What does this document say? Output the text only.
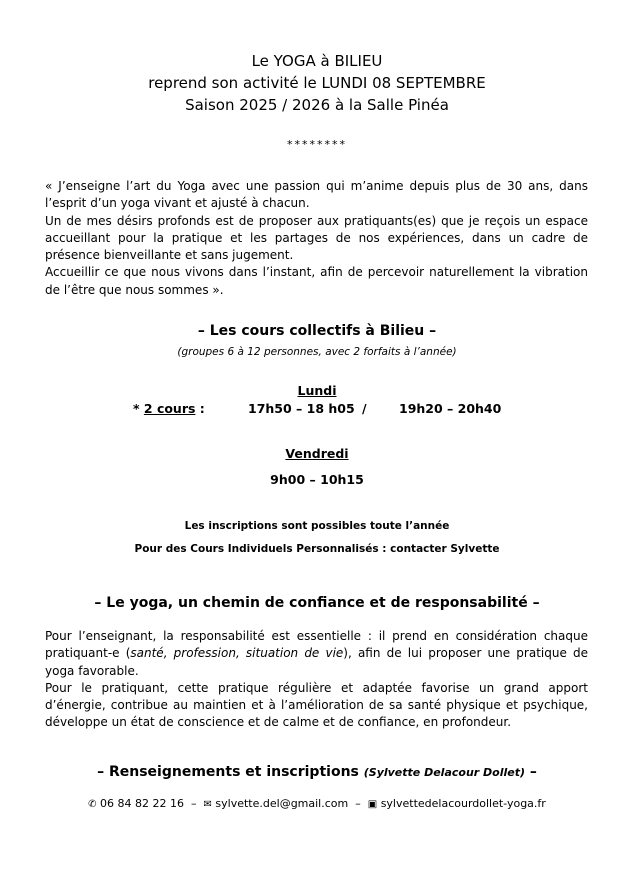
Le YOGA à BILIEU
reprend son activité le LUNDI 08 SEPTEMBRE
Saison 2025 / 2026 à la Salle Pinéa
********
« J’enseigne l’art du Yoga avec une passion qui m’anime depuis plus de 30 ans, dans l’esprit d’un yoga vivant et ajusté à chacun.
Un de mes désirs profonds est de proposer aux pratiquants(es) que je reçois un espace accueillant pour la pratique et les partages de nos expériences, dans un cadre de présence bienveillante et sans jugement.
Accueillir ce que nous vivons dans l’instant, afin de percevoir naturellement la vibration de l’être que nous sommes ».
– Les cours collectifs à Bilieu –
(groupes 6 à 12 personnes, avec 2 forfaits à l’année)
Lundi
* 2 cours :	17h50 – 18 h05 /	19h20 – 20h40
Vendredi
9h00 – 10h15
Les inscriptions sont possibles toute l’année
Pour des Cours Individuels Personnalisés : contacter Sylvette
– Le yoga, un chemin de confiance et de responsabilité –
Pour l’enseignant, la responsabilité est essentielle : il prend en considération chaque pratiquant-e (santé, profession, situation de vie), afin de lui proposer une pratique de yoga favorable.
Pour le pratiquant, cette pratique régulière et adaptée favorise un grand apport d’énergie, contribue au maintien et à l’amélioration de sa santé physique et psychique, développe un état de conscience et de calme et de confiance, en profondeur.
– Renseignements et inscriptions (Sylvette Delacour Dollet) –
✆ 06 84 82 22 16  –  ✉ sylvette.del@gmail.com  –  ▣ sylvettedelacourdollet-yoga.fr
